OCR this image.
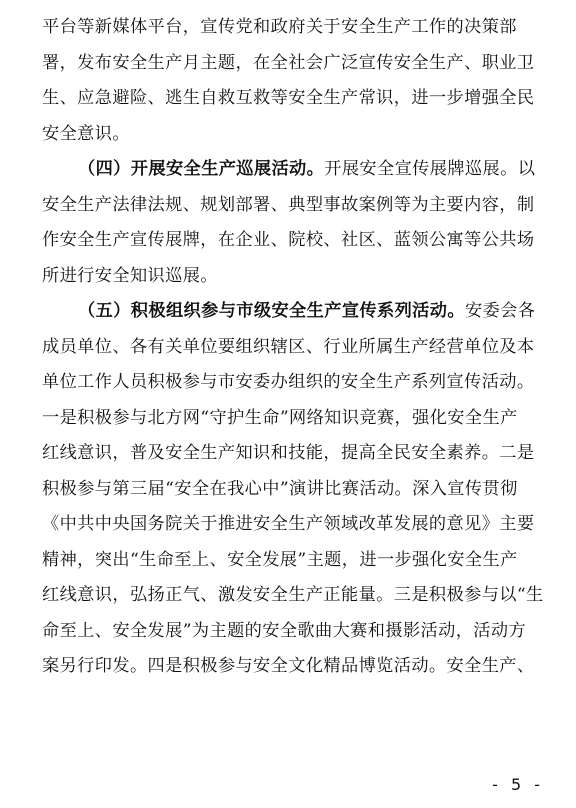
平台等新媒体平台，宣传党和政府关于安全生产工作的决策部
署，发布安全生产月主题，在全社会广泛宣传安全生产、职业卫
生、应急避险、逃生自救互救等安全生产常识，进一步增强全民
安全意识。
（四）开展安全生产巡展活动。开展安全宣传展牌巡展。以
安全生产法律法规、规划部署、典型事故案例等为主要内容，制
作安全生产宣传展牌，在企业、院校、社区、蓝领公寓等公共场
所进行安全知识巡展。
（五）积极组织参与市级安全生产宣传系列活动。安委会各
成员单位、各有关单位要组织辖区、行业所属生产经营单位及本
单位工作人员积极参与市安委办组织的安全生产系列宣传活动。
一是积极参与北方网“守护生命”网络知识竞赛，强化安全生产
红线意识，普及安全生产知识和技能，提高全民安全素养。二是
积极参与第三届“安全在我心中”演讲比赛活动。深入宣传贯彻
《中共中央国务院关于推进安全生产领域改革发展的意见》主要
精神，突出“生命至上、安全发展”主题，进一步强化安全生产
红线意识，弘扬正气、激发安全生产正能量。三是积极参与以“生
命至上、安全发展”为主题的安全歌曲大赛和摄影活动，活动方
案另行印发。四是积极参与安全文化精品博览活动。安全生产、
- 5 -
